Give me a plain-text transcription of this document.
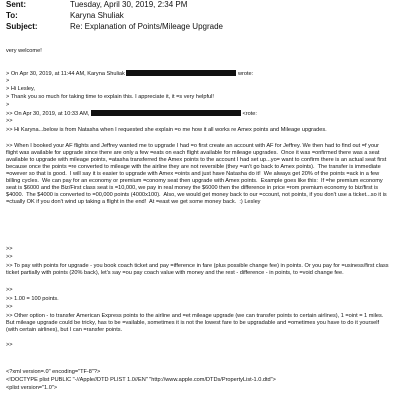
Sent:	Tuesday, April 30, 2019, 2:34 PM
To:	Karyna Shuliak
Subject:	Re: Explanation of Points/Mileage Upgrade
very welcome!
> On Apr 30, 2019, at 11:44 AM, Karyna Shuliak	wrote:
>
> Hi Lesley,
> Thank you so much for taking time to explain this. I appreciate it, it =s very helpful!
>
>> On Apr 30, 2019, at 10:33 AM,	<rote:
>>
>> Hi Karyna...below is from Natasha when I requested she explain =o me how it all works re Amex points and Mileage upgrades.
>> When I booked your AF flights and Jeffrey wanted me to upgrade I had =o first create an account with AF for Jeffrey. We then had to find out =f your flight was available for upgrade since there are only a few =eats on each flight available for mileage upgrades.  Once it was =onfirmed there was a seat available to upgrade with mileage points, =atasha transferred the Amex points to the account I had set up...yo= want to confirm there is an actual seat first because once the points =re converted to mileage with the airline they are not reversible (they =an't go back to Amex points).  The transfer is immediate =owever so that is good.  I will say it is easier to upgrade with Amex =oints and just have Natasha do it!  We always get 20% of the points =ack in a few billing cycles.  We can pay for an economy or premium =conomy seat then upgrade with Amex points.  Example goes like this:  If =he premium economy seat is $6000 and the Biz/First class seat is =10,000, we pay in real money the $6000 then the difference in price =rom premium economy to biz/first is $4000.  The $4000 is converted to =00,000 points (4000x100).  Also, we would get money back to our =ccount, not points, if you don't use a ticket...so it is =ctually OK if you don't wind up taking a flight in the end!  At =east we get some money back.  :) Lesley
>>
>>
>> To pay with points for upgrade - you book coach ticket and pay =ifference in fare (plus possible change fee) in points. Or you pay for =usiness/first class ticket partially with points (20% back), let's say =ou pay coach value with money and the rest - difference - in points, to =void change fee.
>>
>> 1.00 = 100 points.
>>
>> Other option - to transfer American Express points to the airline and =et mileage upgrade (we can transfer points to certain airlines), 1 =oint = 1 miles. But mileage upgrade could be tricky, has to be =vailable, sometimes it is not the lowest fare to be upgradable and =ometimes you have to do it yourself (with certain airlines), but I can =ransfer points.
>>
<?xml version=.0" encoding="TF-8"?>
<!DOCTYPE plist PUBLIC "-//Apple//DTD PLIST 1.0//EN" "http://www.apple.com/DTDs/PropertyList-1.0.dtd">
<plist version="1.0">
